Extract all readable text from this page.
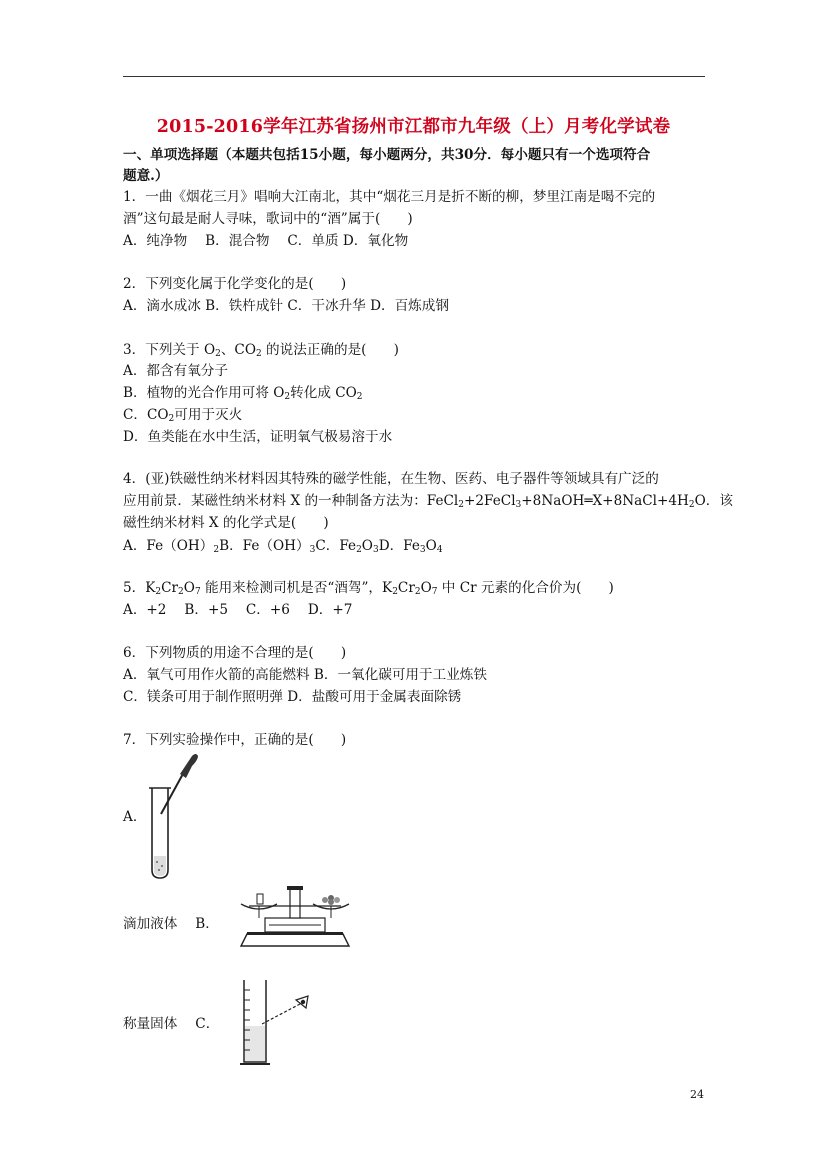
2015-2016学年江苏省扬州市江都市九年级（上）月考化学试卷
一、单项选择题（本题共包括15小题，每小题两分，共30分．每小题只有一个选项符合
题意.）
1．一曲《烟花三月》唱响大江南北，其中“烟花三月是折不断的柳，梦里江南是喝不完的
酒”这句最是耐人寻味，歌词中的“酒”属于(　　)
A．纯净物　 B．混合物　 C．单质 D．氧化物
2．下列变化属于化学变化的是(　　)
A．滴水成冰 B．铁杵成针 C．干冰升华 D．百炼成钢
3．下列关于 $O_2$、$CO_2$ 的说法正确的是(　　)
A．都含有氧分子
B．植物的光合作用可将 $O_2$转化成 $CO_2$
C．$CO_2$可用于灭火
D．鱼类能在水中生活，证明氧气极易溶于水
4．(亚)铁磁性纳米材料因其特殊的磁学性能，在生物、医药、电子器件等领域具有广泛的
应用前景．某磁性纳米材料 X 的一种制备方法为：$FeCl_2+2FeCl_3+8NaOH═X+8NaCl+4H_2O$．该
磁性纳米材料 X 的化学式是(　　)
A．$Fe(OH)_2B$．$Fe(OH)_3C$．$Fe_2O_3D$．$Fe_3O_4$
5．$K_2Cr_2O_7$ 能用来检测司机是否“酒驾”，$K_2Cr_2O_7$ 中 Cr 元素的化合价为(　　)
A．+2　 B．+5　 C．+6　 D．+7
6．下列物质的用途不合理的是(　　)
A．氧气可用作火箭的高能燃料 B．一氧化碳可用于工业炼铁
C．镁条可用于制作照明弹 D．盐酸可用于金属表面除锈
7．下列实验操作中，正确的是(　　)
A．
滴加液体　 B．
称量固体　 C．
24
